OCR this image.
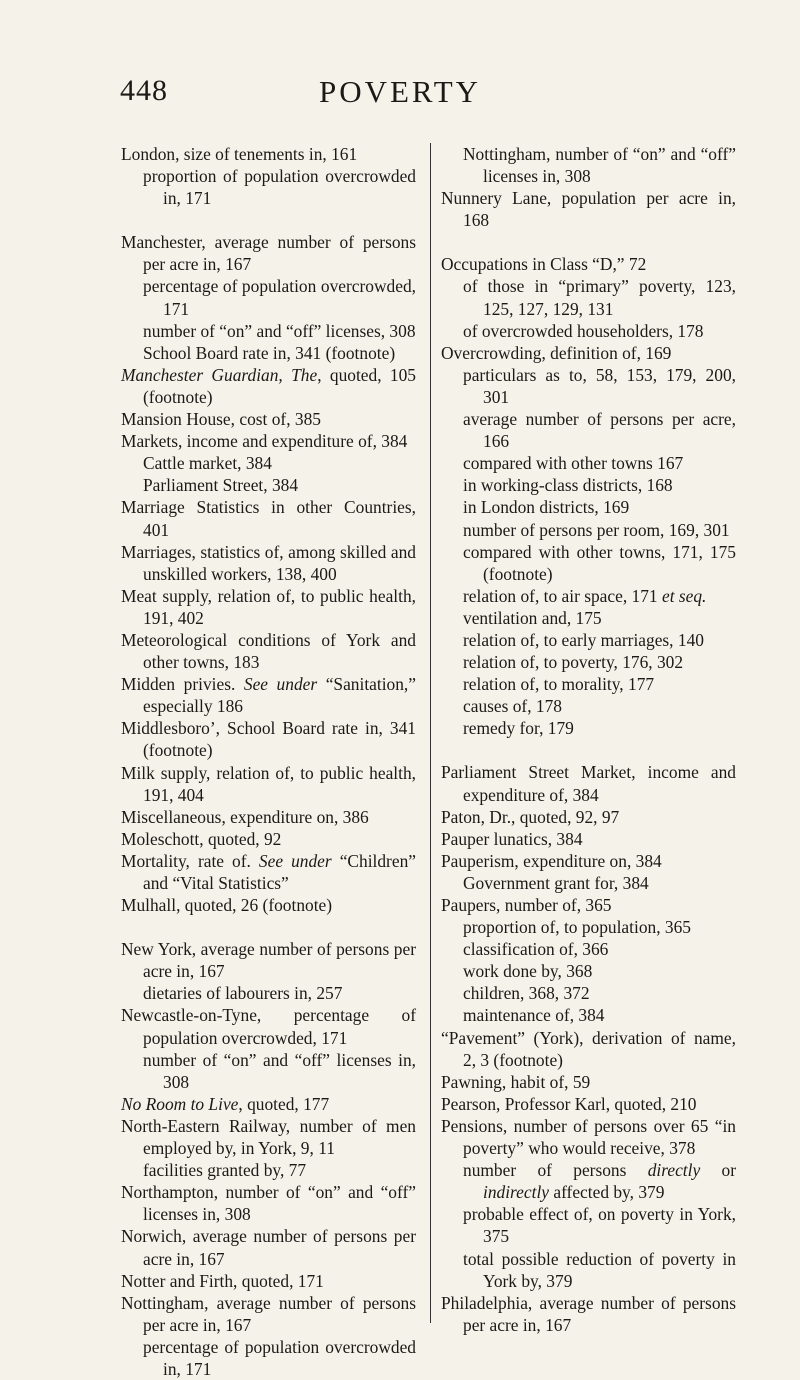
448	POVERTY
London, size of tenements in, 161
proportion of population overcrowded in, 171
Manchester, average number of persons per acre in, 167
percentage of population overcrowded, 171
number of “on” and “off” licenses, 308
School Board rate in, 341 (footnote)
Manchester Guardian, The, quoted, 105 (footnote)
Mansion House, cost of, 385
Markets, income and expenditure of, 384
Cattle market, 384
Parliament Street, 384
Marriage Statistics in other Countries, 401
Marriages, statistics of, among skilled and unskilled workers, 138, 400
Meat supply, relation of, to public health, 191, 402
Meteorological conditions of York and other towns, 183
Midden privies. See under “Sanitation,” especially 186
Middlesboro’, School Board rate in, 341 (footnote)
Milk supply, relation of, to public health, 191, 404
Miscellaneous, expenditure on, 386
Moleschott, quoted, 92
Mortality, rate of. See under “Children” and “Vital Statistics”
Mulhall, quoted, 26 (footnote)
New York, average number of persons per acre in, 167
dietaries of labourers in, 257
Newcastle-on-Tyne, percentage of population overcrowded, 171
number of “on” and “off” licenses in, 308
No Room to Live, quoted, 177
North-Eastern Railway, number of men employed by, in York, 9, 11
facilities granted by, 77
Northampton, number of “on” and “off” licenses in, 308
Norwich, average number of persons per acre in, 167
Notter and Firth, quoted, 171
Nottingham, average number of persons per acre in, 167
percentage of population overcrowded in, 171
Nottingham, number of “on” and “off” licenses in, 308
Nunnery Lane, population per acre in, 168
Occupations in Class “D,” 72
of those in “primary” poverty, 123, 125, 127, 129, 131
of overcrowded householders, 178
Overcrowding, definition of, 169
particulars as to, 58, 153, 179, 200, 301
average number of persons per acre, 166
compared with other towns 167
in working-class districts, 168
in London districts, 169
number of persons per room, 169, 301
compared with other towns, 171, 175 (footnote)
relation of, to air space, 171 et seq.
ventilation and, 175
relation of, to early marriages, 140
relation of, to poverty, 176, 302
relation of, to morality, 177
causes of, 178
remedy for, 179
Parliament Street Market, income and expenditure of, 384
Paton, Dr., quoted, 92, 97
Pauper lunatics, 384
Pauperism, expenditure on, 384
Government grant for, 384
Paupers, number of, 365
proportion of, to population, 365
classification of, 366
work done by, 368
children, 368, 372
maintenance of, 384
“Pavement” (York), derivation of name, 2, 3 (footnote)
Pawning, habit of, 59
Pearson, Professor Karl, quoted, 210
Pensions, number of persons over 65 “in poverty” who would receive, 378
number of persons directly or indirectly affected by, 379
probable effect of, on poverty in York, 375
total possible reduction of poverty in York by, 379
Philadelphia, average number of persons per acre in, 167
